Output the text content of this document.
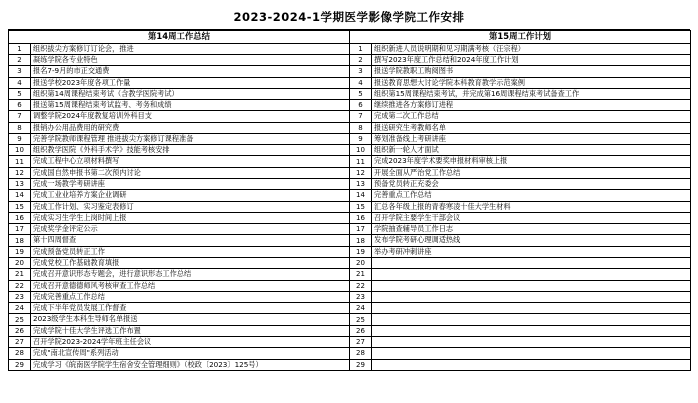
2023-2024-1学期医学影像学院工作安排
第14周工作总结		第15周工作计划	
1	组织拔尖方案修订订论会，推进	1	组织新进人员说明期和见习期满考核（汪宗程）
2	凝练学院各专业特色	2	撰写2023年度工作总结和2024年度工作计划
3	报名7-9月的市正交通费	3	报送学院教职工购阅图书
4	报送学校2023年度各项工作量	4	报送教育思想大讨论学院本科教育教学示范案例
5	组织第14周课程结束考试（含教学医院考试）	5	组织第15周课程结束考试，并完成第16周课程结束考试备查工作
6	报送第15周课程结束考试监考、考务和成绩	6	继续推进各方案修订进程
7	调整学院2024年度教复培训外科目支	7	完成第二次工作总结
8	报销办公用品费用的研究费	8	报送研究生考教师名单
9	完善学院教师课程管理 推进拔尖方案修订课程准备	9	筹划准备线上考研讲座
10	组织教学医院《外科手术学》技能考核安排	10	组织新一轮人才面试
11	完成工程中心立项材料撰写	11	完成2023年度学术要奖申报材料审核上报
12	完成国自然申报书第二次预内讨论	12	开展全面从严治党工作总结
13	完成一场教学考研讲座	13	预备党员转正充委会
14	完成工业业培养方案企业调研	14	完善重点工作总结
15	完成工作计划、实习鉴定表修订	15	汇总各年级上报的青春寒凌十佳大学生材料
16	完成实习生学生上岗时间上报	16	召开学院主要学生干部会议
17	完成奖学金评定公示	17	学院抽查辅导员工作日志
18	第十四周督查	18	发布学院考研心理调适热线
19	完成预备党员转正工作	19	举办考研冲刺讲座
20	完成党校工作基础教育填报	20	
21	完成召开意识形态专题会，进行意识形态工作总结	21	
22	完成召开意德德师风考核审查工作总结	22	
23	完成完善重点工作总结	23	
24	完成下半年党员发展工作督查	24	
25	2023级学生本科生导师名单报送	25	
26	完成学院十佳大学生评选工作布置	26	
27	召开学院2023-2024学年班主任会议	27	
28	完成"南北宣传周"系列活动	28	
29	完成学习《皖南医学院学生宿舍安全管理细则》（校政〔2023〕125号）	29	
